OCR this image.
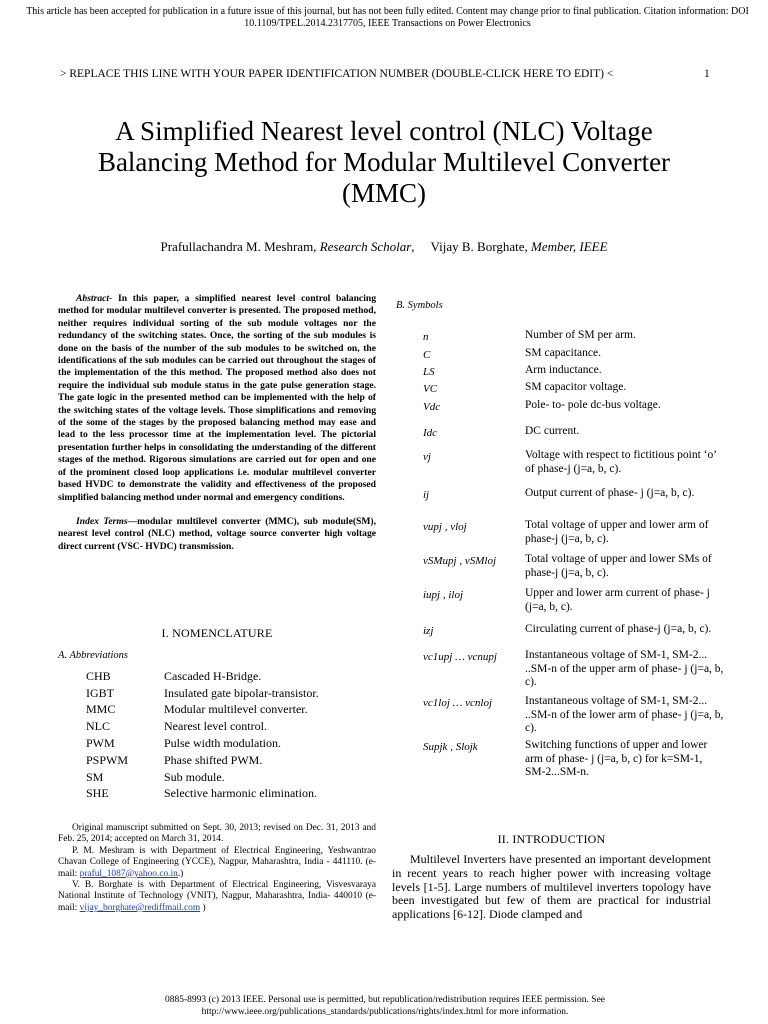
This article has been accepted for publication in a future issue of this journal, but has not been fully edited. Content may change prior to final publication. Citation information: DOI 10.1109/TPEL.2014.2317705, IEEE Transactions on Power Electronics
> REPLACE THIS LINE WITH YOUR PAPER IDENTIFICATION NUMBER (DOUBLE-CLICK HERE TO EDIT) <	1
A Simplified Nearest level control (NLC) Voltage Balancing Method for Modular Multilevel Converter (MMC)
Prafullachandra M. Meshram, Research Scholar,     Vijay B. Borghate, Member, IEEE

Abstract- In this paper, a simplified nearest level control balancing method for modular multilevel converter is presented. The proposed method, neither requires individual sorting of the sub module voltages nor the redundancy of the switching states. Once, the sorting of the sub modules is done on the basis of the number of the sub modules to be switched on, the identifications of the sub modules can be carried out throughout the stages of the implementation of the this method. The proposed method also does not require the individual sub module status in the gate pulse generation stage. The gate logic in the presented method can be implemented with the help of the switching states of the voltage levels. Those simplifications and removing of the some of the stages by the proposed balancing method may ease and lead to the less processor time at the implementation level. The pictorial presentation further helps in consolidating the understanding of the different stages of the method. Rigorous simulations are carried out for open and one of the prominent closed loop applications i.e. modular multilevel converter based HVDC to demonstrate the validity and effectiveness of the proposed simplified balancing method under normal and emergency conditions.

Index Terms—modular multilevel converter (MMC), sub module(SM), nearest level control (NLC) method, voltage source converter high voltage direct current (VSC- HVDC) transmission.

I. NOMENCLATURE
A. Abbreviations
CHB	Cascaded H-Bridge.
IGBT	Insulated gate bipolar-transistor.
MMC	Modular multilevel converter.
NLC	Nearest level control.
PWM	Pulse width modulation.
PSPWM	Phase shifted PWM.
SM	Sub module.
SHE	Selective harmonic elimination.

Original manuscript submitted on Sept. 30, 2013; revised on Dec. 31, 2013 and Feb. 25, 2014; accepted on March 31, 2014.

P. M. Meshram is with Department of Electrical Engineering, Yeshwantrao Chavan College of Engineering (YCCE), Nagpur, Maharashtra, India - 441110. (e- mail: praful_1087@yahoo.co.in.)

V. B. Borghate is with Department of Electrical Engineering, Visvesvaraya National Institute of Technology (VNIT), Nagpur, Maharashtra, India- 440010 (e- mail: vijay_borghate@rediffmail.com )

B. Symbols
n	Number of SM per arm.
C	SM capacitance.
LS	Arm inductance.
VC	SM capacitor voltage.
Vdc	Pole- to- pole dc-bus voltage.
Idc	DC current.
vj	Voltage with respect to fictitious point ‘o’ of phase-j (j=a, b, c).
ij	Output current of phase- j (j=a, b, c).
vupj , vloj	Total voltage of upper and lower arm of phase-j (j=a, b, c).
vSMupj , vSMloj	Total voltage of upper and lower SMs of phase-j (j=a, b, c).
iupj , iloj	Upper and lower arm current of phase- j (j=a, b, c).
izj	Circulating current of phase-j (j=a, b, c).
vc1upj … vcnupj Instantaneous voltage of SM-1, SM-2... ..SM-n of the upper arm of phase- j (j=a, b, c).
vc1loj … vcnloj	Instantaneous voltage of SM-1, SM-2... ..SM-n of the lower arm of phase- j (j=a, b, c).
Supjk , Slojk	Switching functions of upper and lower arm of phase- j (j=a, b, c) for k=SM-1, SM-2...SM-n.
II. INTRODUCTION
Multilevel Inverters have presented an important development in recent years to reach higher power with increasing voltage levels [1-5]. Large numbers of multilevel inverters topology have been investigated but few of them are practical for industrial applications [6-12]. Diode clamped and
0885-8993 (c) 2013 IEEE. Personal use is permitted, but republication/redistribution requires IEEE permission. See http://www.ieee.org/publications_standards/publications/rights/index.html for more information.
